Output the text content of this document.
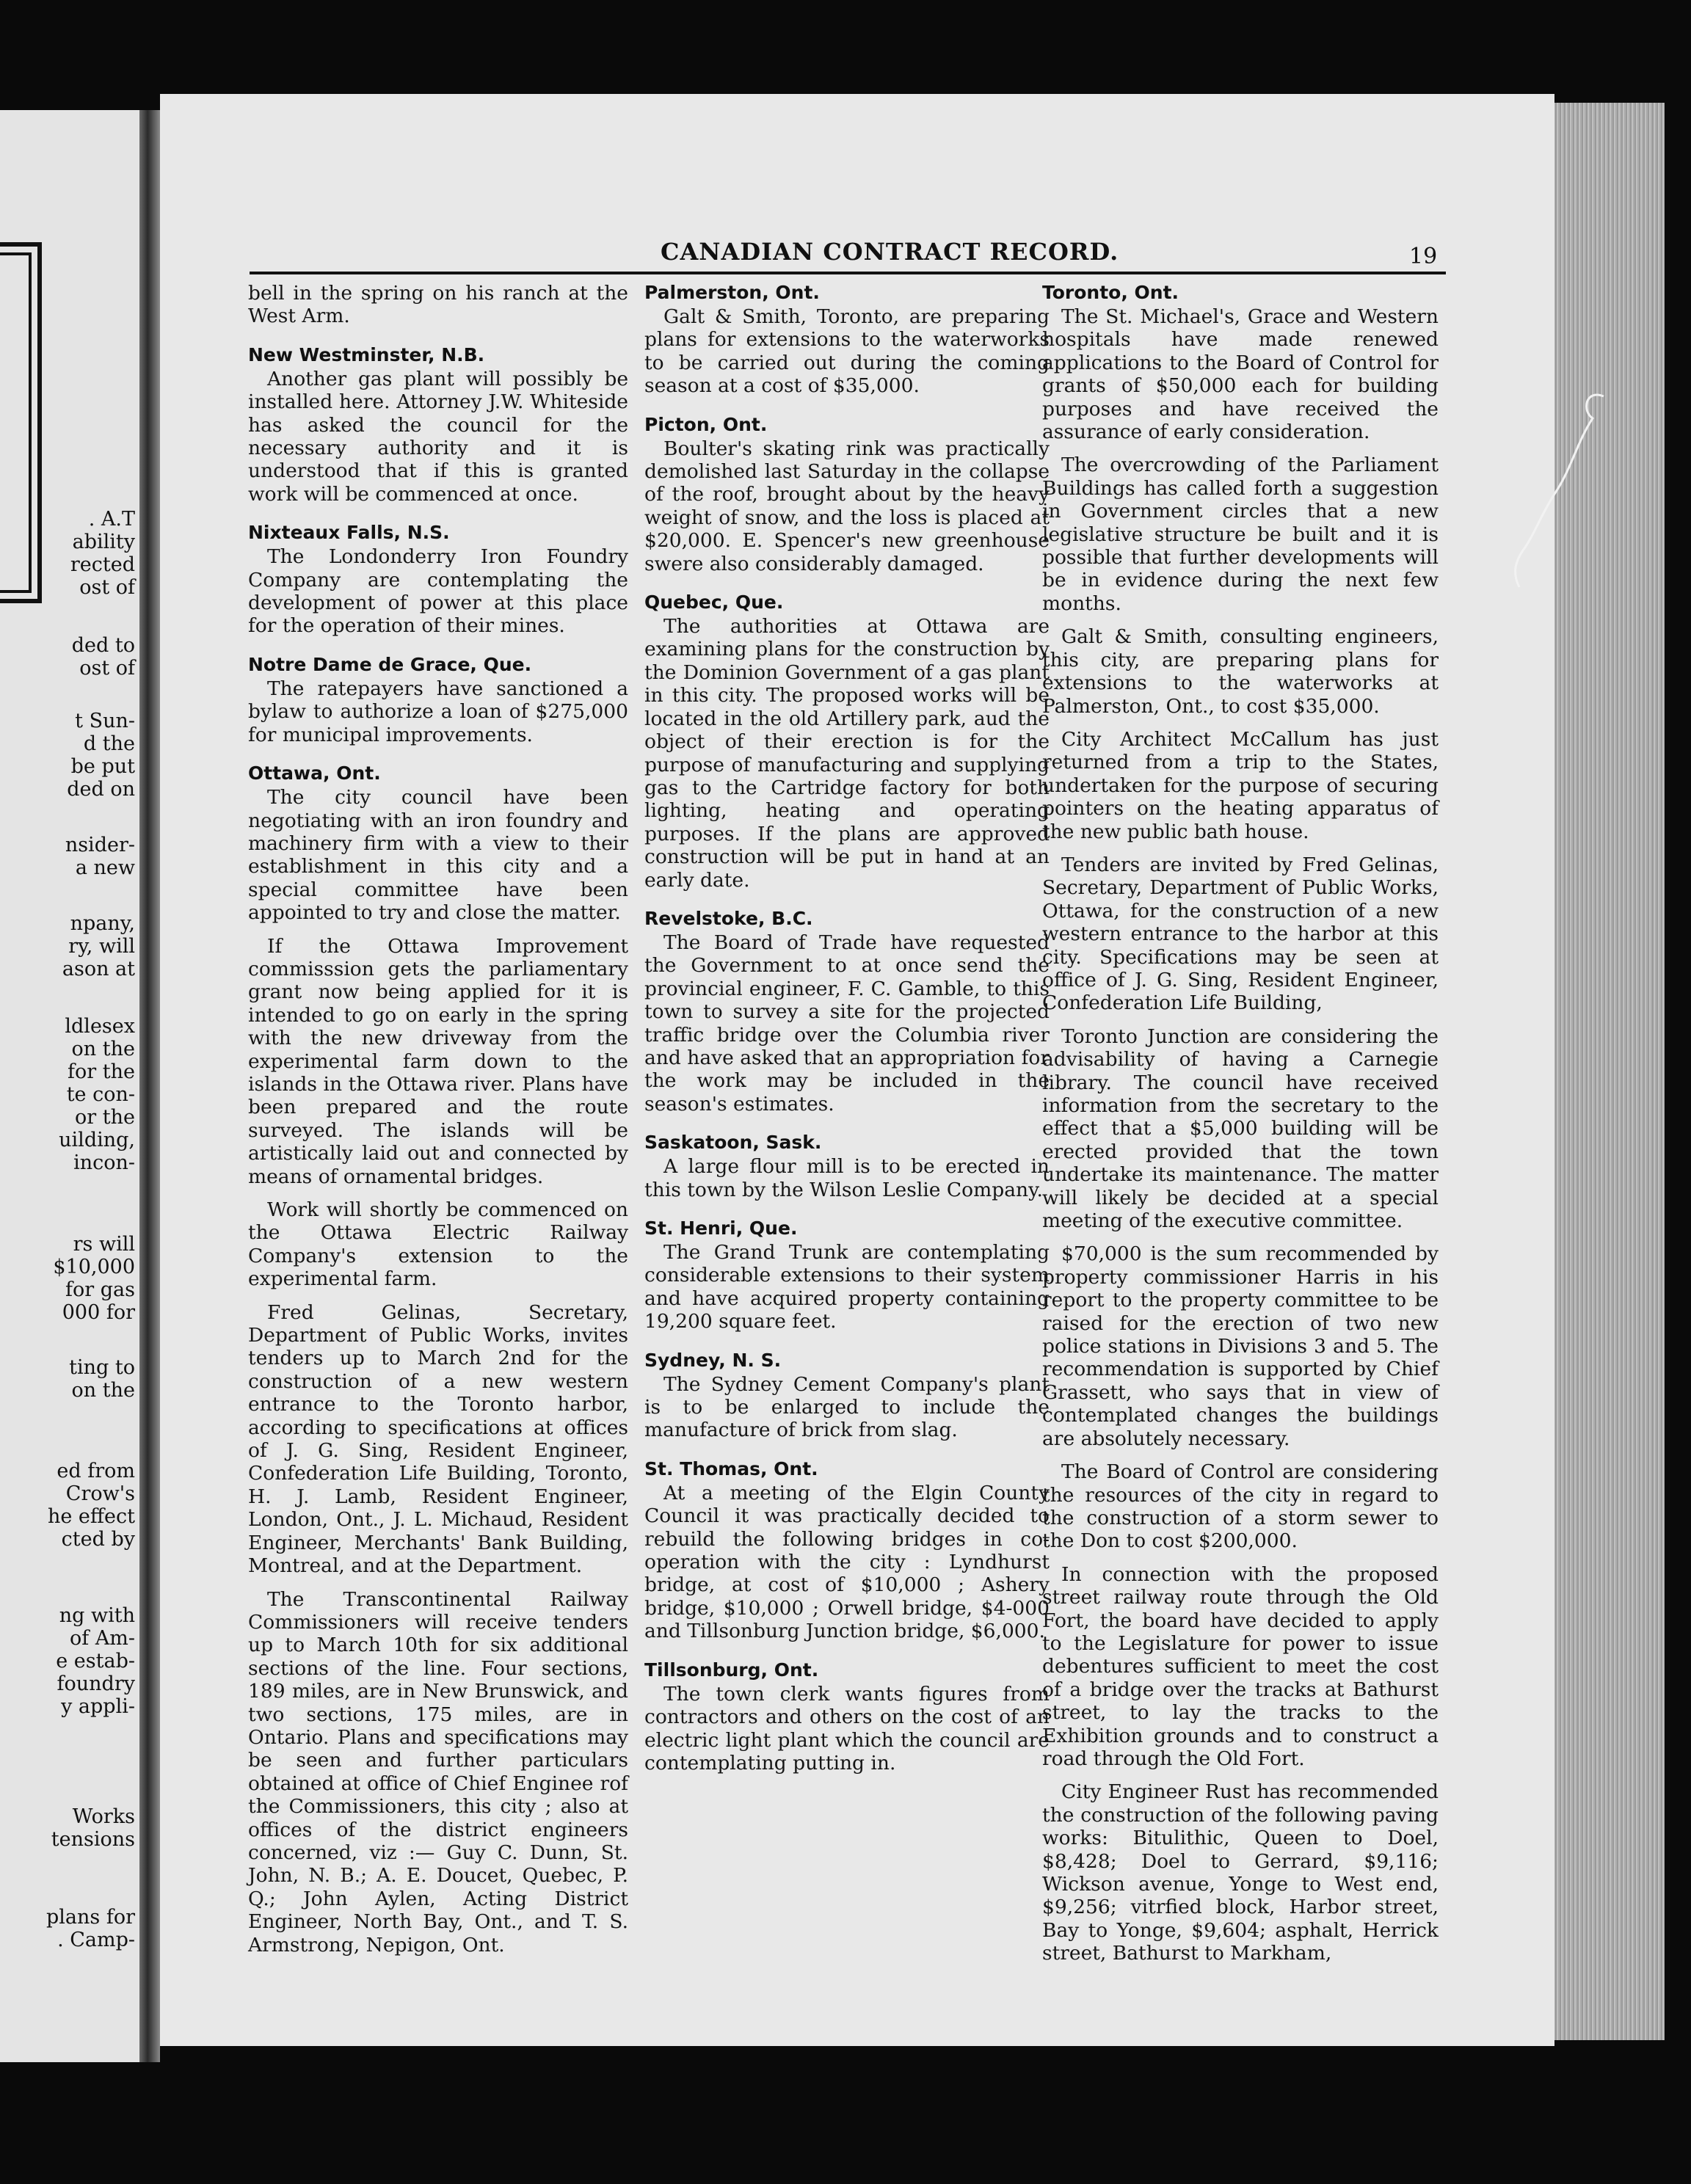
. A.T
ability
rected
ost of
ded to
ost of
t Sun-
d the
be put
ded on
nsider-
a new
npany,
ry, will
ason at
ldlesex
on the
for the
te con-
or the
uilding,
incon-
rs will
$10,000
for gas
000 for
ting to
on the
ed from
Crow's
he effect
cted by
ng with
of Am-
e estab-
foundry
y appli-
Works
tensions
plans for
. Camp-
CANADIAN CONTRACT RECORD.	19

bell in the spring on his ranch at the West Arm.

New Westminster, N.B.

Another gas plant will possibly be installed here. Attorney J.W. Whiteside has asked the council for the necessary authority and it is understood that if this is granted work will be commenced at once.

Nixteaux Falls, N.S.

The Londonderry Iron Foundry Company are contemplating the development of power at this place for the operation of their mines.

Notre Dame de Grace, Que.

The ratepayers have sanctioned a bylaw to authorize a loan of $275,000 for municipal improvements.

Ottawa, Ont.

The city council have been negotiating with an iron foundry and machinery firm with a view to their establishment in this city and a special committee have been appointed to try and close the matter.

If the Ottawa Improvement commisssion gets the parliamentary grant now being applied for it is intended to go on early in the spring with the new driveway from the experimental farm down to the islands in the Ottawa river. Plans have been prepared and the route surveyed. The islands will be artistically laid out and connected by means of ornamental bridges.

Work will shortly be commenced on the Ottawa Electric Railway Company's extension to the experimental farm.

Fred Gelinas, Secretary, Department of Public Works, invites tenders up to March 2nd for the construction of a new western entrance to the Toronto harbor, according to specifications at offices of J. G. Sing, Resident Engineer, Confederation Life Building, Toronto, H. J. Lamb, Resident Engineer, London, Ont., J. L. Michaud, Resident Engineer, Merchants' Bank Building, Montreal, and at the Department.

The Transcontinental Railway Commissioners will receive tenders up to March 10th for six additional sections of the line. Four sections, 189 miles, are in New Brunswick, and two sections, 175 miles, are in Ontario. Plans and specifications may be seen and further particulars obtained at office of Chief Enginee rof the Commissioners, this city ; also at offices of the district engineers concerned, viz :— Guy C. Dunn, St. John, N. B.; A. E. Doucet, Quebec, P. Q.; John Aylen, Acting District Engineer, North Bay, Ont., and T. S. Armstrong, Nepigon, Ont.

Palmerston, Ont.

Galt & Smith, Toronto, are preparing plans for extensions to the waterworks to be carried out during the coming season at a cost of $35,000.

Picton, Ont.

Boulter's skating rink was practically demolished last Saturday in the collapse of the roof, brought about by the heavy weight of snow, and the loss is placed at $20,000. E. Spencer's new greenhouse swere also considerably damaged.

Quebec, Que.

The authorities at Ottawa are examining plans for the construction by the Dominion Government of a gas plant in this city. The proposed works will be located in the old Artillery park, aud the object of their erection is for the purpose of manufacturing and supplying gas to the Cartridge factory for both lighting, heating and operating purposes. If the plans are approved construction will be put in hand at an early date.

Revelstoke, B.C.

The Board of Trade have requested the Government to at once send the provincial engineer, F. C. Gamble, to this town to survey a site for the projected traffic bridge over the Columbia river and have asked that an appropriation for the work may be included in the season's estimates.

Saskatoon, Sask.

A large flour mill is to be erected in this town by the Wilson Leslie Company.

St. Henri, Que.

The Grand Trunk are contemplating considerable extensions to their system and have acquired property containing 19,200 square feet.

Sydney, N. S.

The Sydney Cement Company's plant is to be enlarged to include the manufacture of brick from slag.

St. Thomas, Ont.

At a meeting of the Elgin County Council it was practically decided to rebuild the following bridges in co-operation with the city : Lyndhurst bridge, at cost of $10,000 ; Ashery bridge, $10,000 ; Orwell bridge, $4-000 and Tillsonburg Junction bridge, $6,000.

Tillsonburg, Ont.

The town clerk wants figures from contractors and others on the cost of an electric light plant which the council are contemplating putting in.

Toronto, Ont.

The St. Michael's, Grace and Western hospitals have made renewed applications to the Board of Control for grants of $50,000 each for building purposes and have received the assurance of early consideration.

The overcrowding of the Parliament Buildings has called forth a suggestion in Government circles that a new legislative structure be built and it is possible that further developments will be in evidence during the next few months.

Galt & Smith, consulting engineers, this city, are preparing plans for extensions to the waterworks at Palmerston, Ont., to cost $35,000.

City Architect McCallum has just returned from a trip to the States, undertaken for the purpose of securing pointers on the heating apparatus of the new public bath house.

Tenders are invited by Fred Gelinas, Secretary, Department of Public Works, Ottawa, for the construction of a new western entrance to the harbor at this city. Specifications may be seen at office of J. G. Sing, Resident Engineer, Confederation Life Building,

Toronto Junction are considering the advisability of having a Carnegie library. The council have received information from the secretary to the effect that a $5,000 building will be erected provided that the town undertake its maintenance. The matter will likely be decided at a special meeting of the executive committee.

$70,000 is the sum recommended by property commissioner Harris in his report to the property committee to be raised for the erection of two new police stations in Divisions 3 and 5. The recommendation is supported by Chief Grassett, who says that in view of contemplated changes the buildings are absolutely necessary.

The Board of Control are considering the resources of the city in regard to the construction of a storm sewer to the Don to cost $200,000.

In connection with the proposed street railway route through the Old Fort, the board have decided to apply to the Legislature for power to issue debentures sufficient to meet the cost of a bridge over the tracks at Bathurst street, to lay the tracks to the Exhibition grounds and to construct a road through the Old Fort.

City Engineer Rust has recommended the construction of the following paving works: Bitulithic, Queen to Doel, $8,428; Doel to Gerrard, $9,116; Wickson avenue, Yonge to West end, $9,256; vitrfied block, Harbor street, Bay to Yonge, $9,604; asphalt, Herrick street, Bathurst to Markham,
